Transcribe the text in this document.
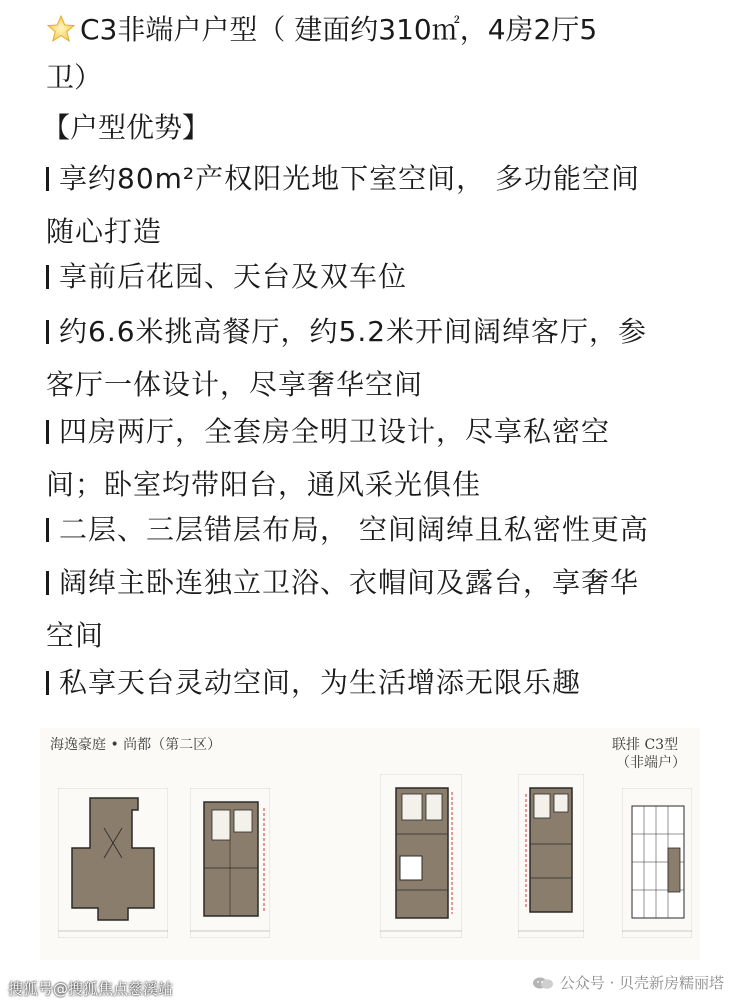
C3非端户户型（ 建面约310㎡，4房2厅5
卫）
【户型优势】
享约80m²产权阳光地下室空间， 多功能空间
随心打造
享前后花园、天台及双车位
约6.6米挑高餐厅，约5.2米开间阔绰客厅，参
客厅一体设计，尽享奢华空间
四房两厅，全套房全明卫设计，尽享私密空
间；卧室均带阳台，通风采光俱佳
二层、三层错层布局， 空间阔绰且私密性更高
阔绰主卧连独立卫浴、衣帽间及露台，享奢华
空间
私享天台灵动空间，为生活增添无限乐趣
海逸豪庭 • 尚都（第二区）	联排 C3型
（非端户）
搜狐号@搜狐焦点慈溪站	公众号 · 贝壳新房糯丽塔
